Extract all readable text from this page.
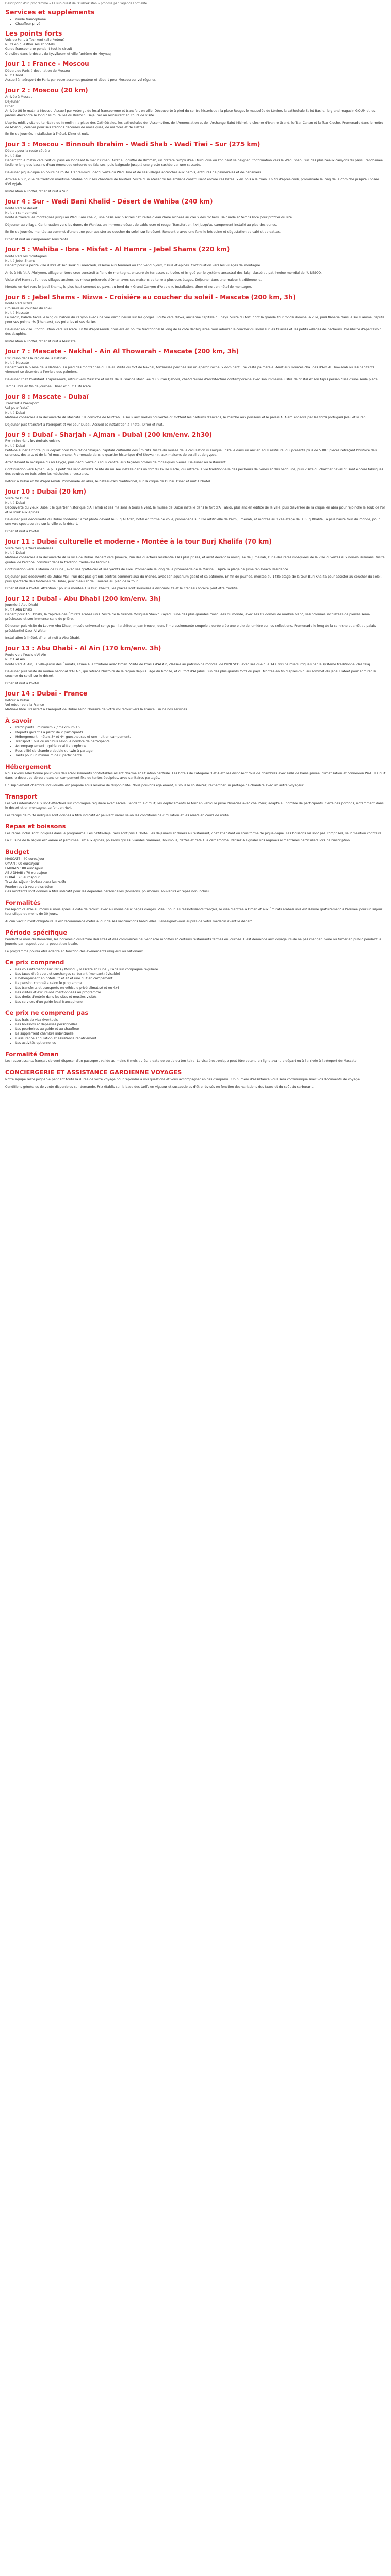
Description d'un programme « Le sud-ouest de l'Ouzbékistan » proposé par l'agence Formalité.

Services et suppléments
• Guide francophone
• Chauffeur privé
Les points forts

Vols de Paris à Tachkent (aller/retour)

Nuits en guesthouses et hôtels

Guide francophone pendant tout le circuit

Croisière dans le désert du Kyzylkoum et ville fantôme de Moynaq

Jour 1 : France - Moscou

Départ de Paris à destination de Moscou

Nuit à bord

Accueil à l'aéroport de Paris par votre accompagnateur et départ pour Moscou sur vol régulier.

Jour 2 : Moscou (20 km)

Arrivée à Moscou

Déjeuner

Dîner

Arrivée tôt le matin à Moscou. Accueil par votre guide local francophone et transfert en ville. Découverte à pied du centre historique : la place Rouge, le mausolée de Lénine, la cathédrale Saint-Basile, le grand magasin GOUM et les jardins Alexandre le long des murailles du Kremlin. Déjeuner au restaurant en cours de visite.

L'après-midi, visite du territoire du Kremlin : la place des Cathédrales, les cathédrales de l'Assomption, de l'Annonciation et de l'Archange-Saint-Michel, le clocher d'Ivan le Grand, le Tsar-Canon et la Tsar-Cloche. Promenade dans le métro de Moscou, célèbre pour ses stations décorées de mosaïques, de marbres et de lustres.

En fin de journée, installation à l'hôtel. Dîner et nuit.

Jour 3 : Moscou - Binnouh Ibrahim - Wadi Shab - Wadi Tiwi - Sur (275 km)

Départ pour la route côtière

Nuit à Sur

Départ tôt le matin vers l'est du pays en longeant la mer d'Oman. Arrêt au gouffre de Bimmah, un cratère rempli d'eau turquoise où l'on peut se baigner. Continuation vers le Wadi Shab, l'un des plus beaux canyons du pays : randonnée facile le long des bassins d'eau émeraude entourés de falaises, puis baignade jusqu'à une grotte cachée par une cascade.

Déjeuner pique-nique en cours de route. L'après-midi, découverte du Wadi Tiwi et de ses villages accrochés aux parois, entourés de palmeraies et de bananiers.

Arrivée à Sur, ville de tradition maritime célèbre pour ses chantiers de boutres. Visite d'un atelier où les artisans construisent encore ces bateaux en bois à la main. En fin d'après-midi, promenade le long de la corniche jusqu'au phare d'Al Ayjah.

Installation à l'hôtel, dîner et nuit à Sur.

Jour 4 : Sur - Wadi Bani Khalid - Désert de Wahiba (240 km)

Route vers le désert

Nuit en campement

Route à travers les montagnes jusqu'au Wadi Bani Khalid, une oasis aux piscines naturelles d'eau claire nichées au creux des rochers. Baignade et temps libre pour profiter du site.

Déjeuner au village. Continuation vers les dunes de Wahiba, un immense désert de sable ocre et rouge. Transfert en 4x4 jusqu'au campement installé au pied des dunes.

En fin de journée, montée au sommet d'une dune pour assister au coucher du soleil sur le désert. Rencontre avec une famille bédouine et dégustation de café et de dattes.

Dîner et nuit au campement sous tente.

Jour 5 : Wahiba - Ibra - Misfat - Al Hamra - Jebel Shams (220 km)

Route vers les montagnes

Nuit à Jebel Shams

Départ pour la petite ville d'Ibra et son souk du mercredi, réservé aux femmes où l'on vend bijoux, tissus et épices. Continuation vers les villages de montagne.

Arrêt à Misfat Al Abriyeen, village en terre crue construit à flanc de montagne, entouré de terrasses cultivées et irrigué par le système ancestral des falaj, classé au patrimoine mondial de l'UNESCO.

Visite d'Al Hamra, l'un des villages anciens les mieux préservés d'Oman avec ses maisons de terre à plusieurs étages. Déjeuner dans une maison traditionnelle.

Montée en 4x4 vers le Jebel Shams, le plus haut sommet du pays, au bord du « Grand Canyon d'Arabie ». Installation, dîner et nuit en hôtel de montagne.

Jour 6 : Jebel Shams - Nizwa - Croisière au coucher du soleil - Mascate (200 km, 3h)

Route vers Nizwa

Croisière au coucher du soleil

Nuit à Mascate

Le matin, balade facile le long du balcon du canyon avec une vue vertigineuse sur les gorges. Route vers Nizwa, ancienne capitale du pays. Visite du fort, dont la grande tour ronde domine la ville, puis flânerie dans le souk animé, réputé pour ses poignards (khanjars), ses poteries et ses dattes.

Déjeuner en ville. Continuation vers Mascate. En fin d'après-midi, croisière en boutre traditionnel le long de la côte déchiquetée pour admirer le coucher du soleil sur les falaises et les petits villages de pêcheurs. Possibilité d'apercevoir des dauphins.

Installation à l'hôtel, dîner et nuit à Mascate.

Jour 7 : Mascate - Nakhal - Ain Al Thowarah - Mascate (200 km, 3h)

Excursion dans la région de la Batinah

Nuit à Mascate

Départ vers la plaine de la Batinah, au pied des montagnes du Hajar. Visite du fort de Nakhal, forteresse perchée sur un éperon rocheux dominant une vaste palmeraie. Arrêt aux sources chaudes d'Ain Al Thowarah où les habitants viennent se détendre à l'ombre des palmiers.

Déjeuner chez l'habitant. L'après-midi, retour vers Mascate et visite de la Grande Mosquée du Sultan Qaboos, chef-d'œuvre d'architecture contemporaine avec son immense lustre de cristal et son tapis persan tissé d'une seule pièce.

Temps libre en fin de journée. Dîner et nuit à Mascate.

Jour 8 : Mascate - Dubaï

Transfert à l'aéroport

Vol pour Dubaï

Nuit à Dubaï

Matinée consacrée à la découverte de Mascate : la corniche de Muttrah, le souk aux ruelles couvertes où flottent les parfums d'encens, le marché aux poissons et le palais Al Alam encadré par les forts portugais Jalali et Mirani.

Déjeuner puis transfert à l'aéroport et vol pour Dubaï. Accueil et installation à l'hôtel. Dîner et nuit.

Jour 9 : Dubaï - Sharjah - Ajman - Dubaï (200 km/env. 2h30)

Excursion dans les émirats voisins

Nuit à Dubaï

Petit-déjeuner à l'hôtel puis départ pour l'émirat de Sharjah, capitale culturelle des Émirats. Visite du musée de la civilisation islamique, installé dans un ancien souk restauré, qui présente plus de 5 000 pièces retraçant l'histoire des sciences, des arts et de la foi musulmane. Promenade dans le quartier historique d'Al Shuwaihin, aux maisons de corail et de gypse.

Arrêt devant la mosquée du roi Fayçal, puis découverte du souk central aux façades ornées de mosaïques bleues. Déjeuner au restaurant.

Continuation vers Ajman, le plus petit des sept émirats. Visite du musée installé dans un fort du XVIIIe siècle, qui retrace la vie traditionnelle des pêcheurs de perles et des bédouins, puis visite du chantier naval où sont encore fabriqués des boutres en bois selon les méthodes ancestrales.

Retour à Dubaï en fin d'après-midi. Promenade en abra, le bateau-taxi traditionnel, sur la crique de Dubaï. Dîner et nuit à l'hôtel.

Jour 10 : Dubaï (20 km)

Visite de Dubaï

Nuit à Dubaï

Découverte du vieux Dubaï : le quartier historique d'Al Fahidi et ses maisons à tours à vent, le musée de Dubaï installé dans le fort d'Al Fahidi, plus ancien édifice de la ville, puis traversée de la crique en abra pour rejoindre le souk de l'or et le souk aux épices.

Déjeuner puis découverte du Dubaï moderne : arrêt photo devant le Burj Al Arab, hôtel en forme de voile, promenade sur l'île artificielle de Palm Jumeirah, et montée au 124e étage de la Burj Khalifa, la plus haute tour du monde, pour une vue spectaculaire sur la ville et le désert.

Dîner et nuit à l'hôtel.

Jour 11 : Dubaï culturelle et moderne - Montée à la tour Burj Khalifa (70 km)

Visite des quartiers modernes

Nuit à Dubaï

Matinée consacrée à la découverte de la ville de Dubaï. Départ vers Jumeira, l'un des quartiers résidentiels les plus prisés, et arrêt devant la mosquée de Jumeirah, l'une des rares mosquées de la ville ouvertes aux non-musulmans. Visite guidée de l'édifice, construit dans la tradition médiévale fatimide.

Continuation vers la Marina de Dubaï, avec ses gratte-ciel et ses yachts de luxe. Promenade le long de la promenade de la Marina jusqu'à la plage de Jumeirah Beach Residence.

Déjeuner puis découverte de Dubaï Mall, l'un des plus grands centres commerciaux du monde, avec son aquarium géant et sa patinoire. En fin de journée, montée au 148e étage de la tour Burj Khalifa pour assister au coucher du soleil, puis spectacle des fontaines de Dubaï, jeux d'eau et de lumières au pied de la tour.

Dîner et nuit à l'hôtel. Attention : pour la montée à la Burj Khalifa, les places sont soumises à disponibilité et le créneau horaire peut être modifié.

Jour 12 : Dubaï - Abu Dhabi (200 km/env. 3h)

Journée à Abu Dhabi

Nuit à Abu Dhabi

Départ pour Abu Dhabi, la capitale des Émirats arabes unis. Visite de la Grande Mosquée Sheikh Zayed, l'une des plus grandes mosquées du monde, avec ses 82 dômes de marbre blanc, ses colonnes incrustées de pierres semi-précieuses et son immense salle de prière.

Déjeuner puis visite du Louvre Abu Dhabi, musée universel conçu par l'architecte Jean Nouvel, dont l'impressionnante coupole ajourée crée une pluie de lumière sur les collections. Promenade le long de la corniche et arrêt au palais présidentiel Qasr Al Watan.

Installation à l'hôtel, dîner et nuit à Abu Dhabi.

Jour 13 : Abu Dhabi - Al Ain (170 km/env. 3h)

Route vers l'oasis d'Al Ain

Nuit à Al Ain

Route vers Al Ain, la ville-jardin des Émirats, située à la frontière avec Oman. Visite de l'oasis d'Al Ain, classée au patrimoine mondial de l'UNESCO, avec ses quelque 147 000 palmiers irrigués par le système traditionnel des falaj.

Déjeuner puis visite du musée national d'Al Ain, qui retrace l'histoire de la région depuis l'âge du bronze, et du fort d'Al Jahili, l'un des plus grands forts du pays. Montée en fin d'après-midi au sommet du Jebel Hafeet pour admirer le coucher du soleil sur le désert.

Dîner et nuit à l'hôtel.

Jour 14 : Dubaï - France

Retour à Dubaï

Vol retour vers la France

Matinée libre. Transfert à l'aéroport de Dubaï selon l'horaire de votre vol retour vers la France. Fin de nos services.

À savoir
• Participants : minimum 2 / maximum 16.
• Départs garantis à partir de 2 participants.
• Hébergement : hôtels 3* et 4*, guesthouses et une nuit en campement.
• Transport : bus ou minibus selon le nombre de participants.
• Accompagnement : guide local francophone.
• Possibilité de chambre double ou twin à partager.
• Tarifs pour un minimum de 6 participants.
Hébergement

Nous avons sélectionné pour vous des établissements confortables alliant charme et situation centrale. Les hôtels de catégorie 3 et 4 étoiles disposent tous de chambres avec salle de bains privée, climatisation et connexion Wi-Fi. La nuit dans le désert se déroule dans un campement fixe de tentes équipées, avec sanitaires partagés.

Un supplément chambre individuelle est proposé sous réserve de disponibilité. Nous pouvons également, si vous le souhaitez, rechercher un partage de chambre avec un autre voyageur.

Transport

Les vols internationaux sont effectués sur compagnie régulière avec escale. Pendant le circuit, les déplacements se font en véhicule privé climatisé avec chauffeur, adapté au nombre de participants. Certaines portions, notamment dans le désert et en montagne, se font en 4x4.

Les temps de route indiqués sont donnés à titre indicatif et peuvent varier selon les conditions de circulation et les arrêts en cours de route.

Repas et boissons

Les repas inclus sont indiqués dans le programme. Les petits-déjeuners sont pris à l'hôtel, les déjeuners et dîners au restaurant, chez l'habitant ou sous forme de pique-nique. Les boissons ne sont pas comprises, sauf mention contraire.

La cuisine de la région est variée et parfumée : riz aux épices, poissons grillés, viandes marinées, houmous, dattes et café à la cardamome. Pensez à signaler vos régimes alimentaires particuliers lors de l'inscription.

Budget

MASCATE : 40 euros/jour

OMAN : 60 euros/jour

EMIRATS : 80 euros/jour

ABU DHABI : 70 euros/jour

DUBAÏ : 90 euros/jour

Taxe de séjour : incluse dans les tarifs

Pourboires : à votre discrétion

Ces montants sont donnés à titre indicatif pour les dépenses personnelles (boissons, pourboires, souvenirs et repas non inclus).

Formalités

Passeport valable au moins 6 mois après la date de retour, avec au moins deux pages vierges. Visa : pour les ressortissants français, le visa d'entrée à Oman et aux Émirats arabes unis est délivré gratuitement à l'arrivée pour un séjour touristique de moins de 30 jours.

Aucun vaccin n'est obligatoire. Il est recommandé d'être à jour de ses vaccinations habituelles. Renseignez-vous auprès de votre médecin avant le départ.

Période spécifique

Pendant le mois du Ramadan, les horaires d'ouverture des sites et des commerces peuvent être modifiés et certains restaurants fermés en journée. Il est demandé aux voyageurs de ne pas manger, boire ou fumer en public pendant la journée par respect pour la population locale.

Le programme pourra être adapté en fonction des événements religieux ou nationaux.

Ce prix comprend
• Les vols internationaux Paris / Moscou / Mascate et Dubaï / Paris sur compagnie régulière
• Les taxes d'aéroport et surcharges carburant (montant révisable)
• L'hébergement en hôtels 3* et 4* et une nuit en campement
• La pension complète selon le programme
• Les transferts et transports en véhicule privé climatisé et en 4x4
• Les visites et excursions mentionnées au programme
• Les droits d'entrée dans les sites et musées visités
• Les services d'un guide local francophone
Ce prix ne comprend pas
• Les frais de visa éventuels
• Les boissons et dépenses personnelles
• Les pourboires au guide et au chauffeur
• Le supplément chambre individuelle
• L'assurance annulation et assistance rapatriement
• Les activités optionnelles
Formalité Oman

Les ressortissants français doivent disposer d'un passeport valide au moins 6 mois après la date de sortie du territoire. Le visa électronique peut être obtenu en ligne avant le départ ou à l'arrivée à l'aéroport de Mascate.

CONCIERGERIE ET ASSISTANCE GARDIENNE VOYAGES

Notre équipe reste joignable pendant toute la durée de votre voyage pour répondre à vos questions et vous accompagner en cas d'imprévu. Un numéro d'assistance vous sera communiqué avec vos documents de voyage.

Conditions générales de vente disponibles sur demande. Prix établis sur la base des tarifs en vigueur et susceptibles d'être révisés en fonction des variations des taxes et du coût du carburant.
